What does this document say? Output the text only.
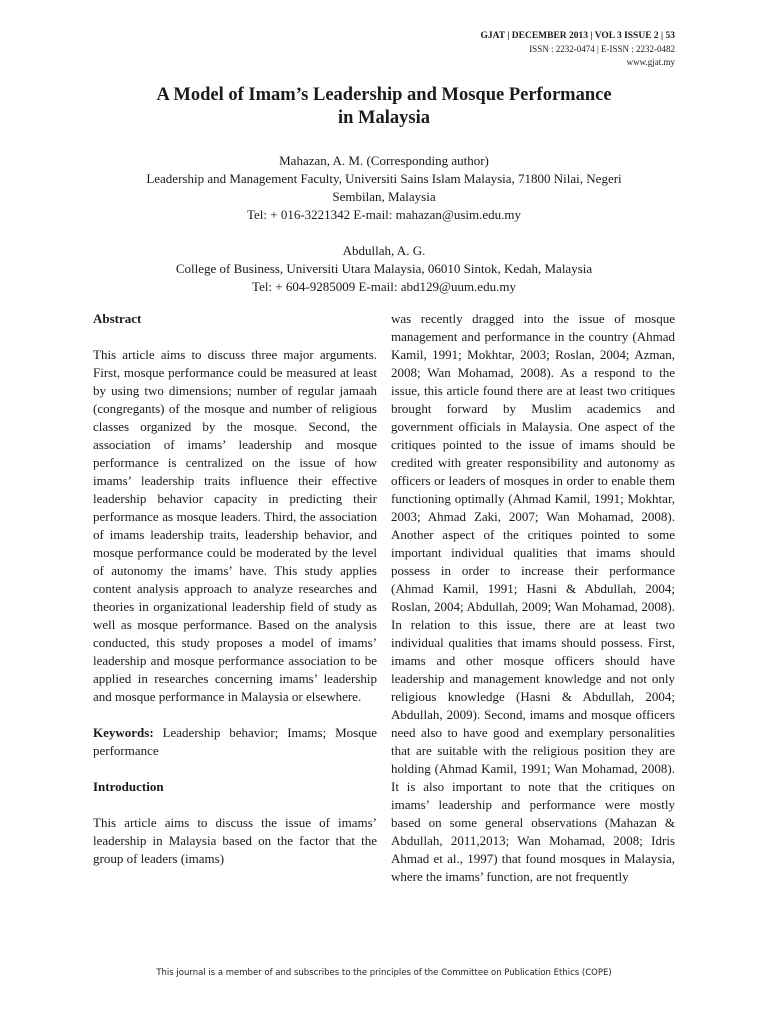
GJAT | DECEMBER 2013 | VOL 3 ISSUE 2 | 53
ISSN : 2232-0474 | E-ISSN : 2232-0482
www.gjat.my
A Model of Imam’s Leadership and Mosque Performance
in Malaysia
Mahazan, A. M. (Corresponding author)
Leadership and Management Faculty, Universiti Sains Islam Malaysia, 71800 Nilai, Negeri
Sembilan, Malaysia
Tel: + 016-3221342 E-mail: mahazan@usim.edu.my
Abdullah, A. G.
College of Business, Universiti Utara Malaysia, 06010 Sintok, Kedah, Malaysia
Tel: + 604-9285009 E-mail: abd129@uum.edu.my
Abstract

This article aims to discuss three major arguments. First, mosque performance could be measured at least by using two dimensions; number of regular jamaah (congregants) of the mosque and number of religious classes organized by the mosque. Second, the association of imams’ leadership and mosque performance is centralized on the issue of how imams’ leadership traits influence their effective leadership behavior capacity in predicting their performance as mosque leaders. Third, the association of imams leadership traits, leadership behavior, and mosque performance could be moderated by the level of autonomy the imams’ have. This study applies content analysis approach to analyze researches and theories in organizational leadership field of study as well as mosque performance. Based on the analysis conducted, this study proposes a model of imams’ leadership and mosque performance association to be applied in researches concerning imams’ leadership and mosque performance in Malaysia or elsewhere.

Keywords: Leadership behavior; Imams; Mosque performance

Introduction

This article aims to discuss the issue of imams’ leadership in Malaysia based on the factor that the group of leaders (imams)

was recently dragged into the issue of mosque management and performance in the country (Ahmad Kamil, 1991; Mokhtar, 2003; Roslan, 2004; Azman, 2008; Wan Mohamad, 2008). As a respond to the issue, this article found there are at least two critiques brought forward by Muslim academics and government officials in Malaysia. One aspect of the critiques pointed to the issue of imams should be credited with greater responsibility and autonomy as officers or leaders of mosques in order to enable them functioning optimally (Ahmad Kamil, 1991; Mokhtar, 2003; Ahmad Zaki, 2007; Wan Mohamad, 2008). Another aspect of the critiques pointed to some important individual qualities that imams should possess in order to increase their performance (Ahmad Kamil, 1991; Hasni & Abdullah, 2004; Roslan, 2004; Abdullah, 2009; Wan Mohamad, 2008). In relation to this issue, there are at least two individual qualities that imams should possess. First, imams and other mosque officers should have leadership and management knowledge and not only religious knowledge (Hasni & Abdullah, 2004; Abdullah, 2009). Second, imams and mosque officers need also to have good and exemplary personalities that are suitable with the religious position they are holding (Ahmad Kamil, 1991; Wan Mohamad, 2008). It is also important to note that the critiques on imams’ leadership and performance were mostly based on some general observations (Mahazan & Abdullah, 2011,2013; Wan Mohamad, 2008; Idris Ahmad et al., 1997) that found mosques in Malaysia, where the imams’ function, are not frequently

This journal is a member of and subscribes to the principles of the Committee on Publication Ethics (COPE)
